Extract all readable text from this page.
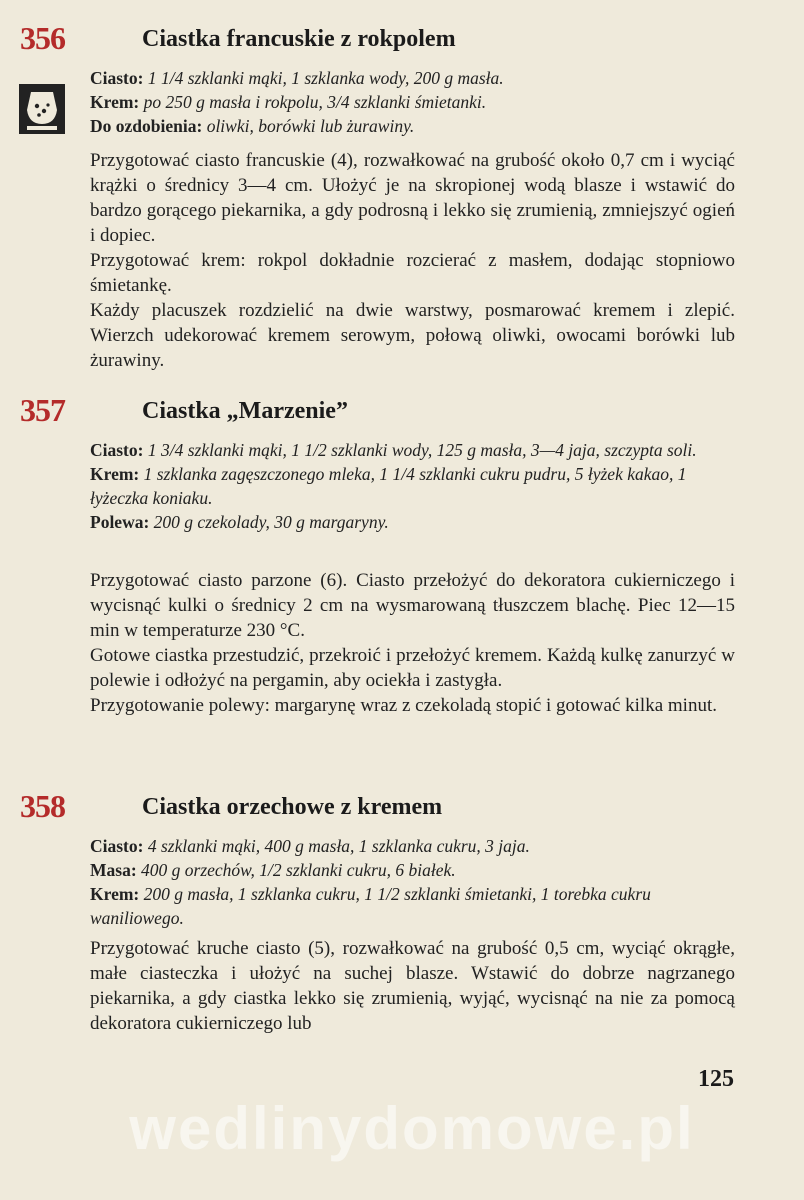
356	Ciastka francuskie z rokpolem
Ciasto: 1 1/4 szklanki mąki, 1 szklanka wody, 200 g masła.
Krem: po 250 g masła i rokpolu, 3/4 szklanki śmietanki.
Do ozdobienia: oliwki, borówki lub żurawiny.

Przygotować ciasto francuskie (4), rozwałkować na grubość około 0,7 cm i wyciąć krążki o średnicy 3—4 cm. Ułożyć je na skropionej wodą blasze i wstawić do bardzo gorącego piekarnika, a gdy podrosną i lekko się zrumienią, zmniejszyć ogień i dopiec.

Przygotować krem: rokpol dokładnie rozcierać z masłem, dodając stopniowo śmietankę.

Każdy placuszek rozdzielić na dwie warstwy, posmarować kremem i zlepić. Wierzch udekorować kremem serowym, połową oliwki, owocami borówki lub żurawiny.

357	Ciastka „Marzenie”
Ciasto: 1 3/4 szklanki mąki, 1 1/2 szklanki wody, 125 g masła, 3—4 jaja, szczypta soli.
Krem: 1 szklanka zagęszczonego mleka, 1 1/4 szklanki cukru pudru, 5 łyżek kakao, 1 łyżeczka koniaku.
Polewa: 200 g czekolady, 30 g margaryny.

Przygotować ciasto parzone (6). Ciasto przełożyć do dekoratora cukierniczego i wycisnąć kulki o średnicy 2 cm na wysmarowaną tłuszczem blachę. Piec 12—15 min w temperaturze 230 °C.

Gotowe ciastka przestudzić, przekroić i przełożyć kremem. Każdą kulkę zanurzyć w polewie i odłożyć na pergamin, aby ociekła i zastygła.

Przygotowanie polewy: margarynę wraz z czekoladą stopić i gotować kilka minut.

358	Ciastka orzechowe z kremem
Ciasto: 4 szklanki mąki, 400 g masła, 1 szklanka cukru, 3 jaja.
Masa: 400 g orzechów, 1/2 szklanki cukru, 6 białek.
Krem: 200 g masła, 1 szklanka cukru, 1 1/2 szklanki śmietanki, 1 torebka cukru waniliowego.

Przygotować kruche ciasto (5), rozwałkować na grubość 0,5 cm, wyciąć okrągłe, małe ciasteczka i ułożyć na suchej blasze. Wstawić do dobrze nagrzanego piekarnika, a gdy ciastka lekko się zrumienią, wyjąć, wycisnąć na nie za pomocą dekoratora cukierniczego lub

125
wedlinydomowe.pl
